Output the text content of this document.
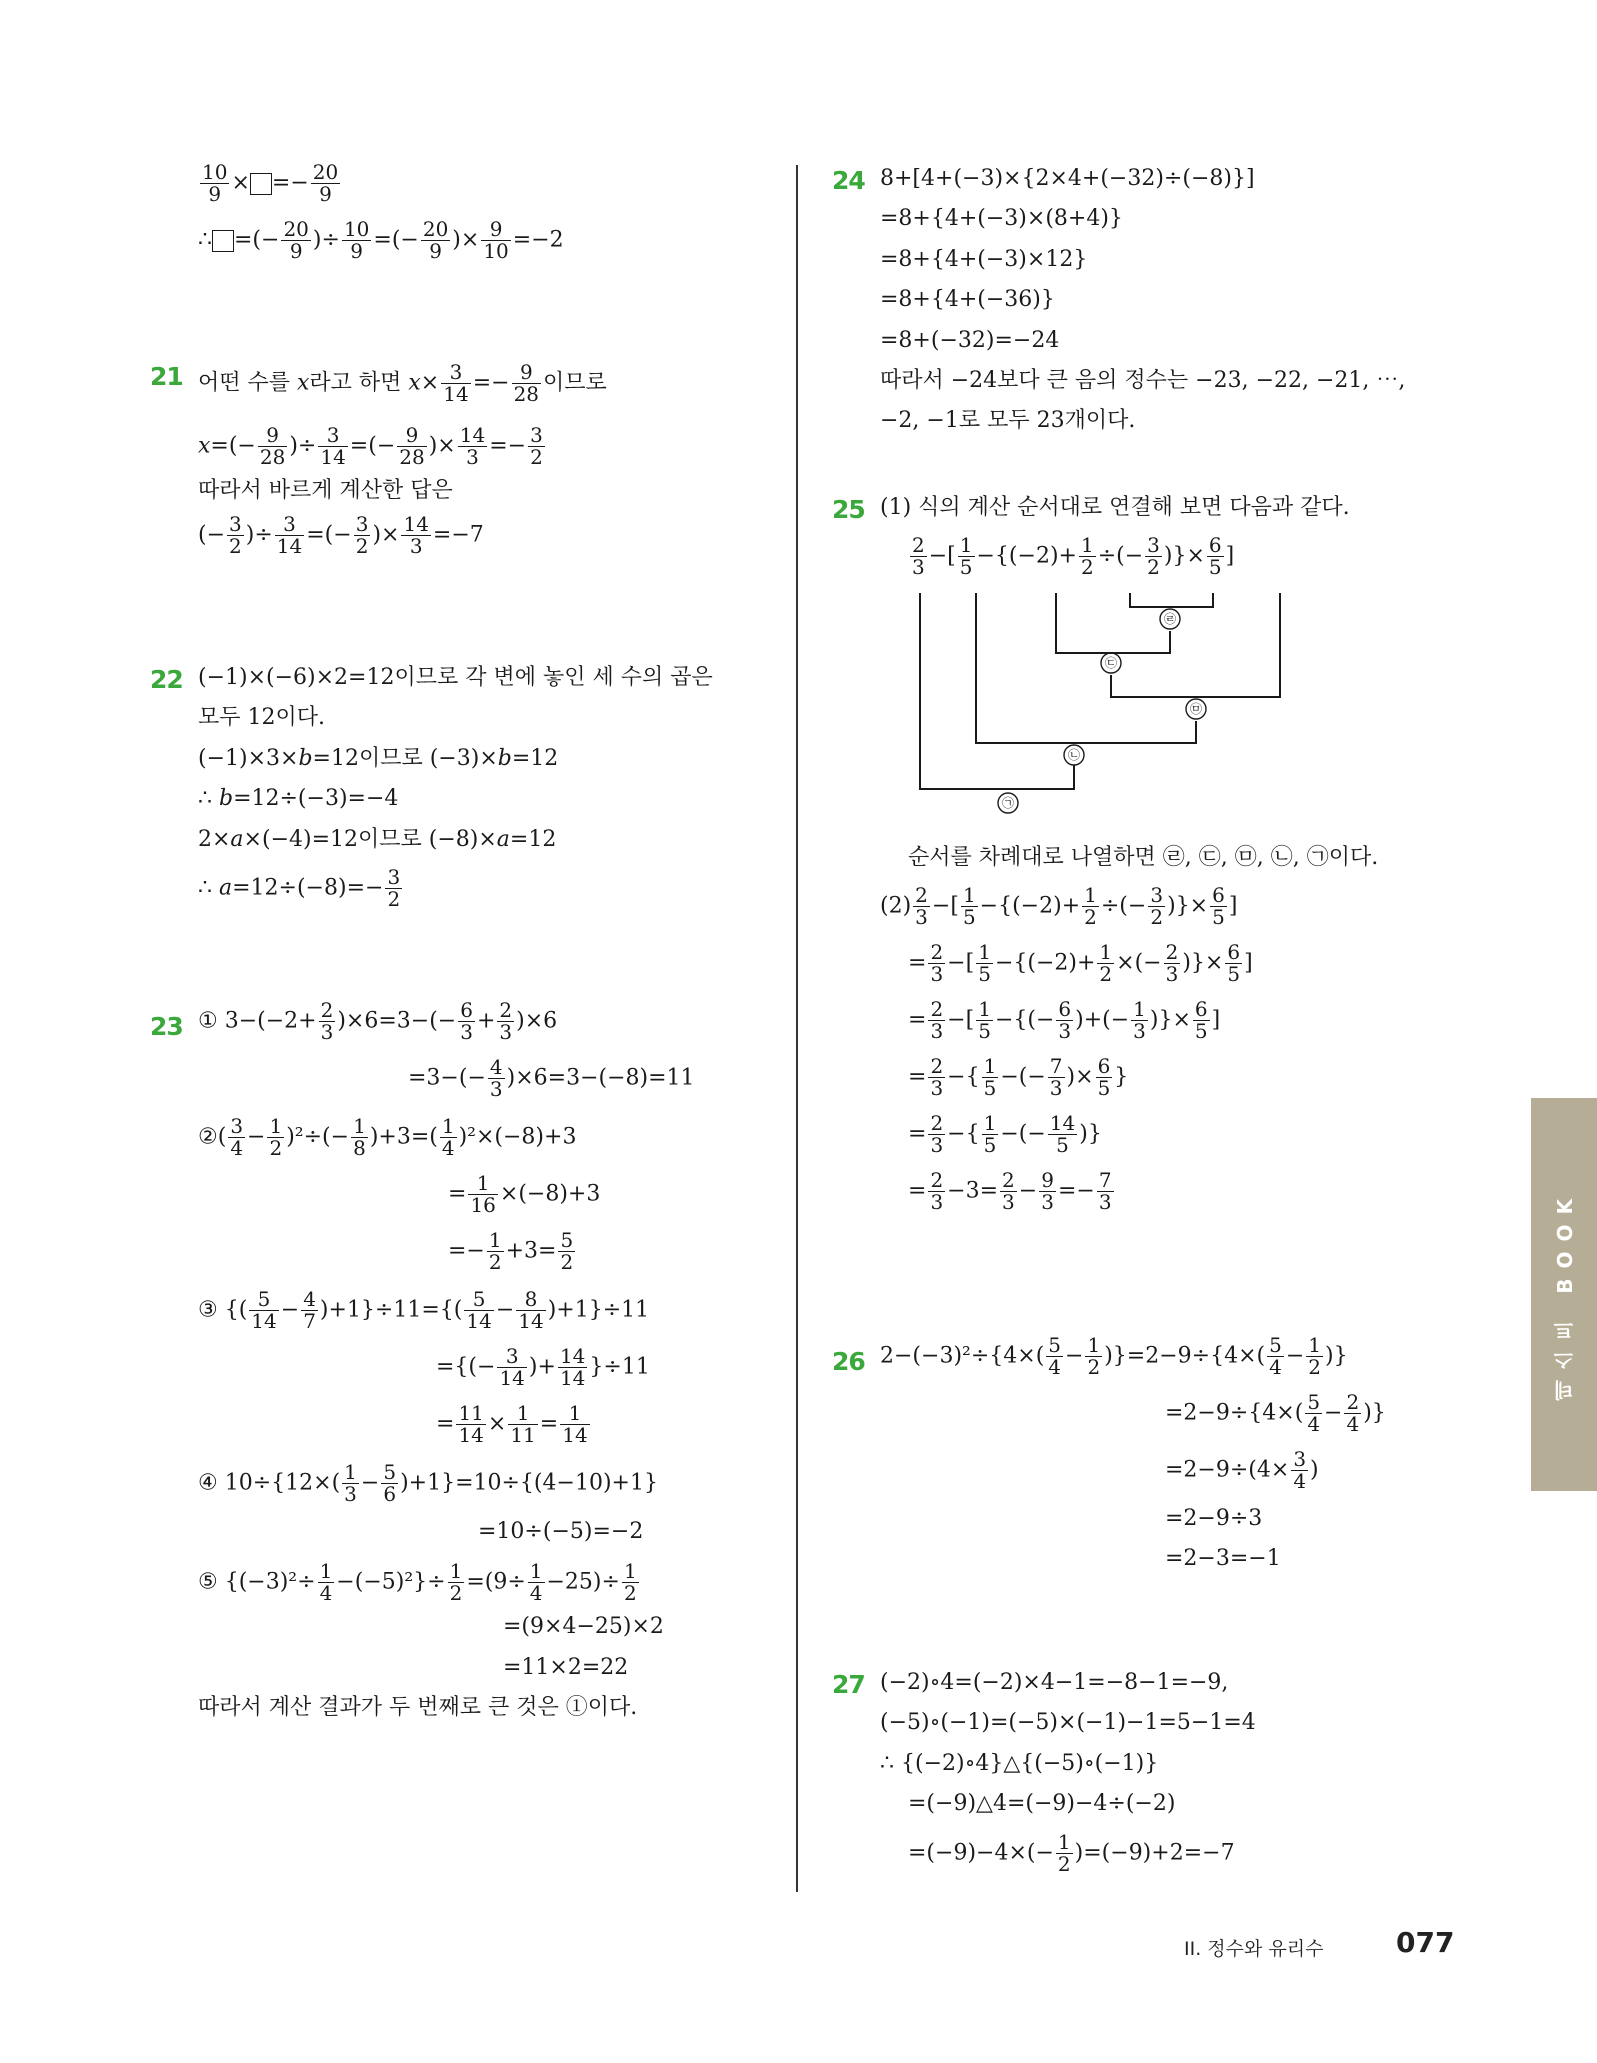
$\frac{10}{9}$ × =− $\frac{20}{9}$

∴ =(− $\frac{20}{9}$ )÷ $\frac{10}{9}$ =(− $\frac{20}{9}$ )× $\frac{9}{10} =-2$

21 어떤 수를 𝑥라고 하면 𝑥× $\frac{3}{14} =- \frac{9}{28}$ 이므로

𝑥=(− $\frac{9}{28}$ )÷ $\frac{3}{14}$ =(− $\frac{9}{28}$ )× $\frac{14}{3} =- \frac{3}{2}$

따라서 바르게 계산한 답은

(− $\frac{3}{2}$ )÷ $\frac{3}{14}$ =(− $\frac{3}{2}$ )× $\frac{14}{3} =-7$

22 (−1)×(−6)×2=12이므로 각 변에 놓인 세 수의 곱은

모두 12이다.

(−1)×3×𝑏=12이므로 (−3)×𝑏=12

∴ 𝑏=12÷(−3)=−4

2×𝑎×(−4)=12이므로 (−8)×𝑎=12

∴ 𝑎=12÷(−8)=− $\frac{3}{2}$

23 ① $3-(-2+ \frac{2}{3} )\times 6=3-(- \frac{6}{3} + \frac{2}{3} )\times 6$

$=3-(- \frac{4}{3} )\times 6=3-(-8)=11$

②( $\frac{3}{4} - \frac{1}{2} )^2\div(- \frac{1}{8} )+3=( \frac{1}{4} )^2\times(-8)+3$

= $\frac{1}{16} \times(-8)+3$

=− $\frac{1}{2} +3= \frac{5}{2}$

③ {( $\frac{5}{14} - \frac{4}{7} )+1\}\div 11=\{( \frac{5}{14} - \frac{8}{14} )+1\}\div 11$

={(− $\frac{3}{14}$ )+ $\frac{14}{14} \}\div 11$

= $\frac{11}{14} \times \frac{1}{11} = \frac{1}{14}$

④ $10\div\{12\times( \frac{1}{3} - \frac{5}{6} )+1\}=10\div\{(4-10)+1\}$

=10÷(−5)=−2

⑤ $\{(-3)^2\div \frac{1}{4} -(-5)^2\}\div \frac{1}{2} =(9\div \frac{1}{4} -25)\div \frac{1}{2}$

=(9×4−25)×2

=11×2=22

따라서 계산 결과가 두 번째로 큰 것은 ①이다.

24 8+[4+(−3)×{2×4+(−32)÷(−8)}]

=8+{4+(−3)×(8+4)}

=8+{4+(−3)×12}

=8+{4+(−36)}

=8+(−32)=−24

따라서 −24보다 큰 음의 정수는 −23, −22, −21, ⋯,

−2, −1로 모두 23개이다.

25 (1) 식의 계산 순서대로 연결해 보면 다음과 같다.

$\frac{2}{3}$ −[ $\frac{1}{5} -\{(-2)+ \frac{1}{2}$ ÷(− $\frac{3}{2}$ )}× $\frac{6}{5}$ ]
㉣
㉢
㉤
㉡
㉠

순서를 차례대로 나열하면 ㉣, ㉢, ㉤, ㉡, ㉠이다.

$(2) \frac{2}{3}$ −[ $\frac{1}{5} -\{(-2)+ \frac{1}{2}$ ÷(− $\frac{3}{2}$ )}× $\frac{6}{5}$ ]

= $\frac{2}{3}$ −[ $\frac{1}{5} -\{(-2)+ \frac{1}{2}$ ×(− $\frac{2}{3}$ )}× $\frac{6}{5}$ ]

= $\frac{2}{3}$ −[ $\frac{1}{5}$ −{(− $\frac{6}{3}$ )+(− $\frac{1}{3}$ )}× $\frac{6}{5}$ ]

= $\frac{2}{3}$ −{ $\frac{1}{5}$ −(− $\frac{7}{3}$ )× $\frac{6}{5}$ }

= $\frac{2}{3}$ −{ $\frac{1}{5}$ −(− $\frac{14}{5}$ )}

= $\frac{2}{3} -3= \frac{2}{3} - \frac{9}{3} =- \frac{7}{3}$

26 $2-(-3)^2\div\{4\times( \frac{5}{4} - \frac{1}{2} )\}=2-9\div\{4\times( \frac{5}{4} - \frac{1}{2}$ )}

$=2-9\div\{4\times( \frac{5}{4} - \frac{2}{4}$ )}

$=2-9\div(4\times \frac{3}{4}$ )

=2−9÷3

=2−3=−1

27 (−2)∘4=(−2)×4−1=−8−1=−9,

(−5)∘(−1)=(−5)×(−1)−1=5−1=4

∴ {(−2)∘4}△{(−5)∘(−1)}

=(−9)△4=(−9)−4÷(−2)

$=(-9)-4\times(- \frac{1}{2} )=(-9)+2=-7$

테스트 BOOK
II. 정수와 유리수	077
